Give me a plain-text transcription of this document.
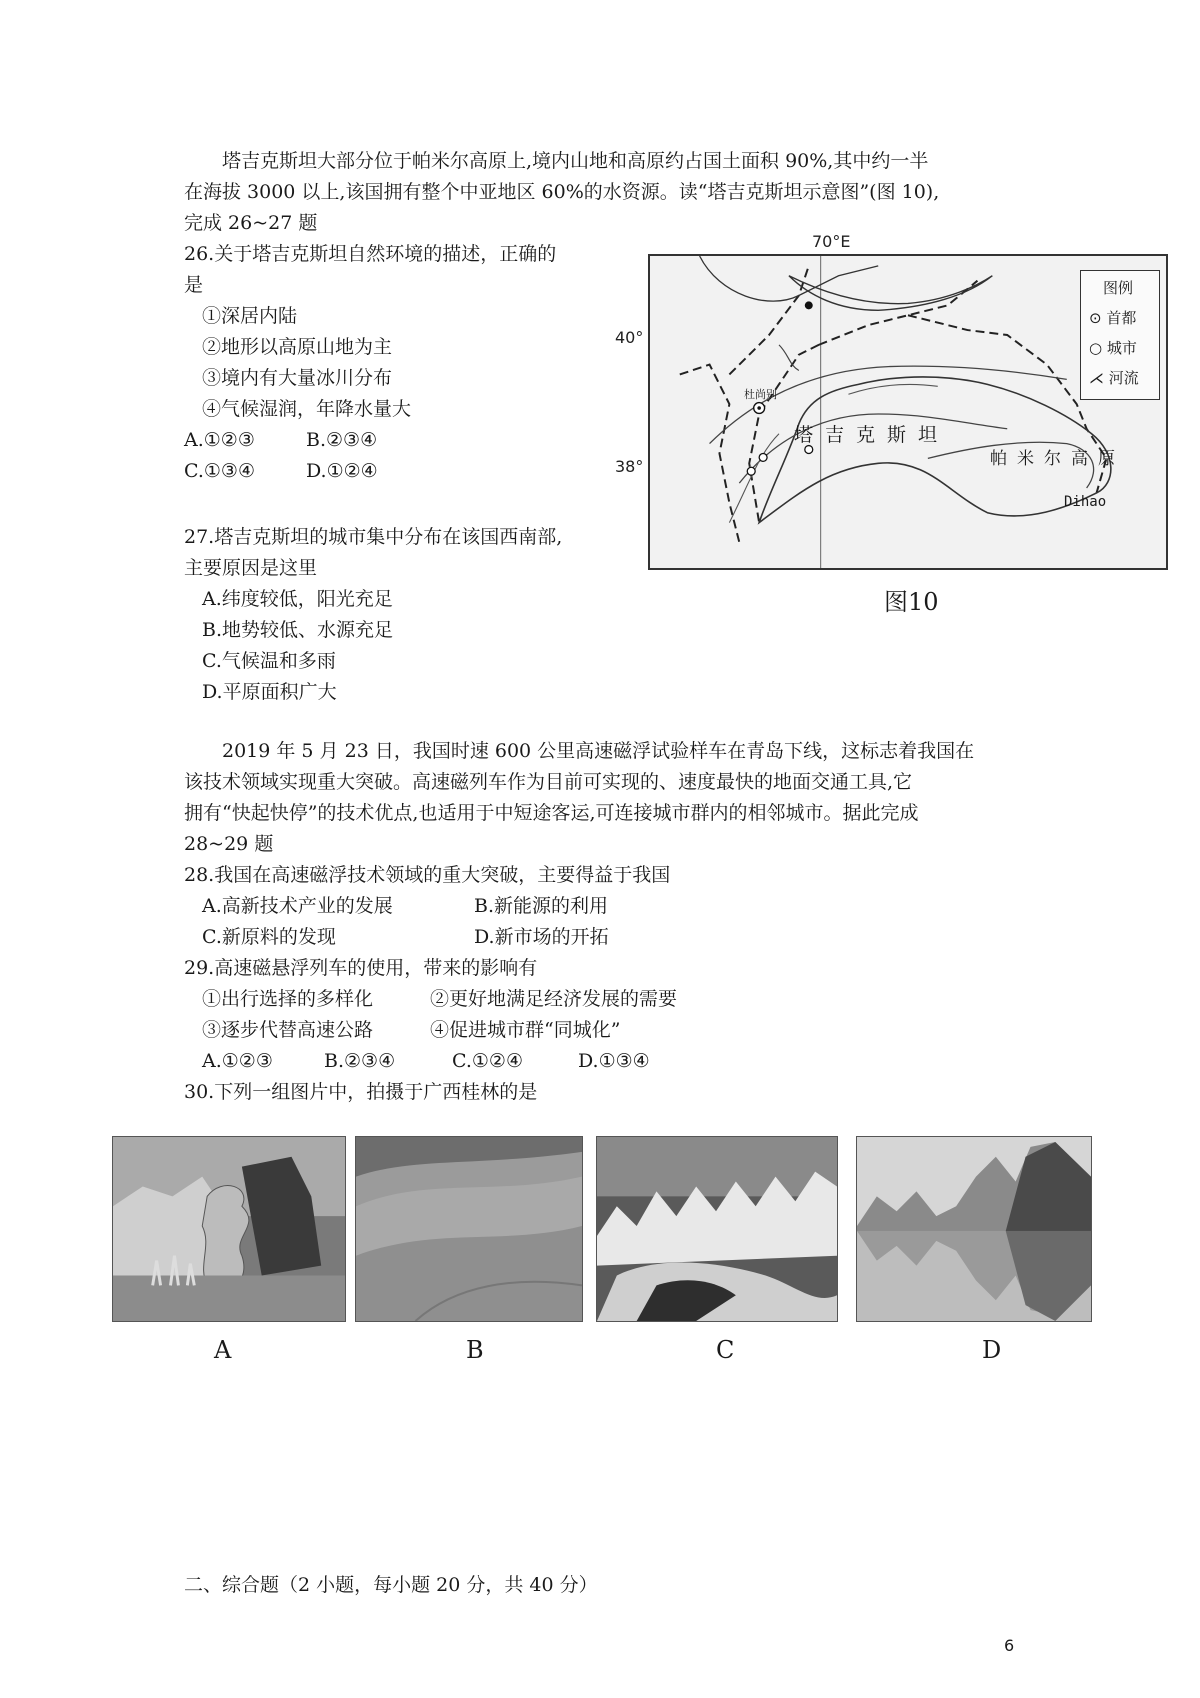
塔吉克斯坦大部分位于帕米尔高原上,境内山地和高原约占国土面积 90%,其中约一半
在海拔 3000 以上,该国拥有整个中亚地区 60%的水资源。读“塔吉克斯坦示意图”(图 10),
完成 26~27 题
26.关于塔吉克斯坦自然环境的描述，正确的
是
①深居内陆
②地形以高原山地为主
③境内有大量冰川分布
④气候湿润，年降水量大
A.①②③	B.②③④
C.①③④	D.①②④
27.塔吉克斯坦的城市集中分布在该国西南部,
主要原因是这里
A.纬度较低，阳光充足
B.地势较低、水源充足
C.气候温和多雨
D.平原面积广大
70°E
40°
38°
杜尚别
塔吉克斯坦
帕米尔高原
Dihao
图例
⊙ 首都
○ 城市
⋌ 河流
图10
2019 年 5 月 23 日，我国时速 600 公里高速磁浮试验样车在青岛下线，这标志着我国在
该技术领域实现重大突破。高速磁列车作为目前可实现的、速度最快的地面交通工具,它
拥有“快起快停”的技术优点,也适用于中短途客运,可连接城市群内的相邻城市。据此完成
28~29 题
28.我国在高速磁浮技术领域的重大突破，主要得益于我国
A.高新技术产业的发展	B.新能源的利用
C.新原料的发现	D.新市场的开拓
29.高速磁悬浮列车的使用，带来的影响有
①出行选择的多样化	②更好地满足经济发展的需要
③逐步代替高速公路	④促进城市群“同城化”
A.①②③	B.②③④	C.①②④	D.①③④
30.下列一组图片中，拍摄于广西桂林的是
A	B	C	D
二、综合题（2 小题，每小题 20 分，共 40 分）
6
